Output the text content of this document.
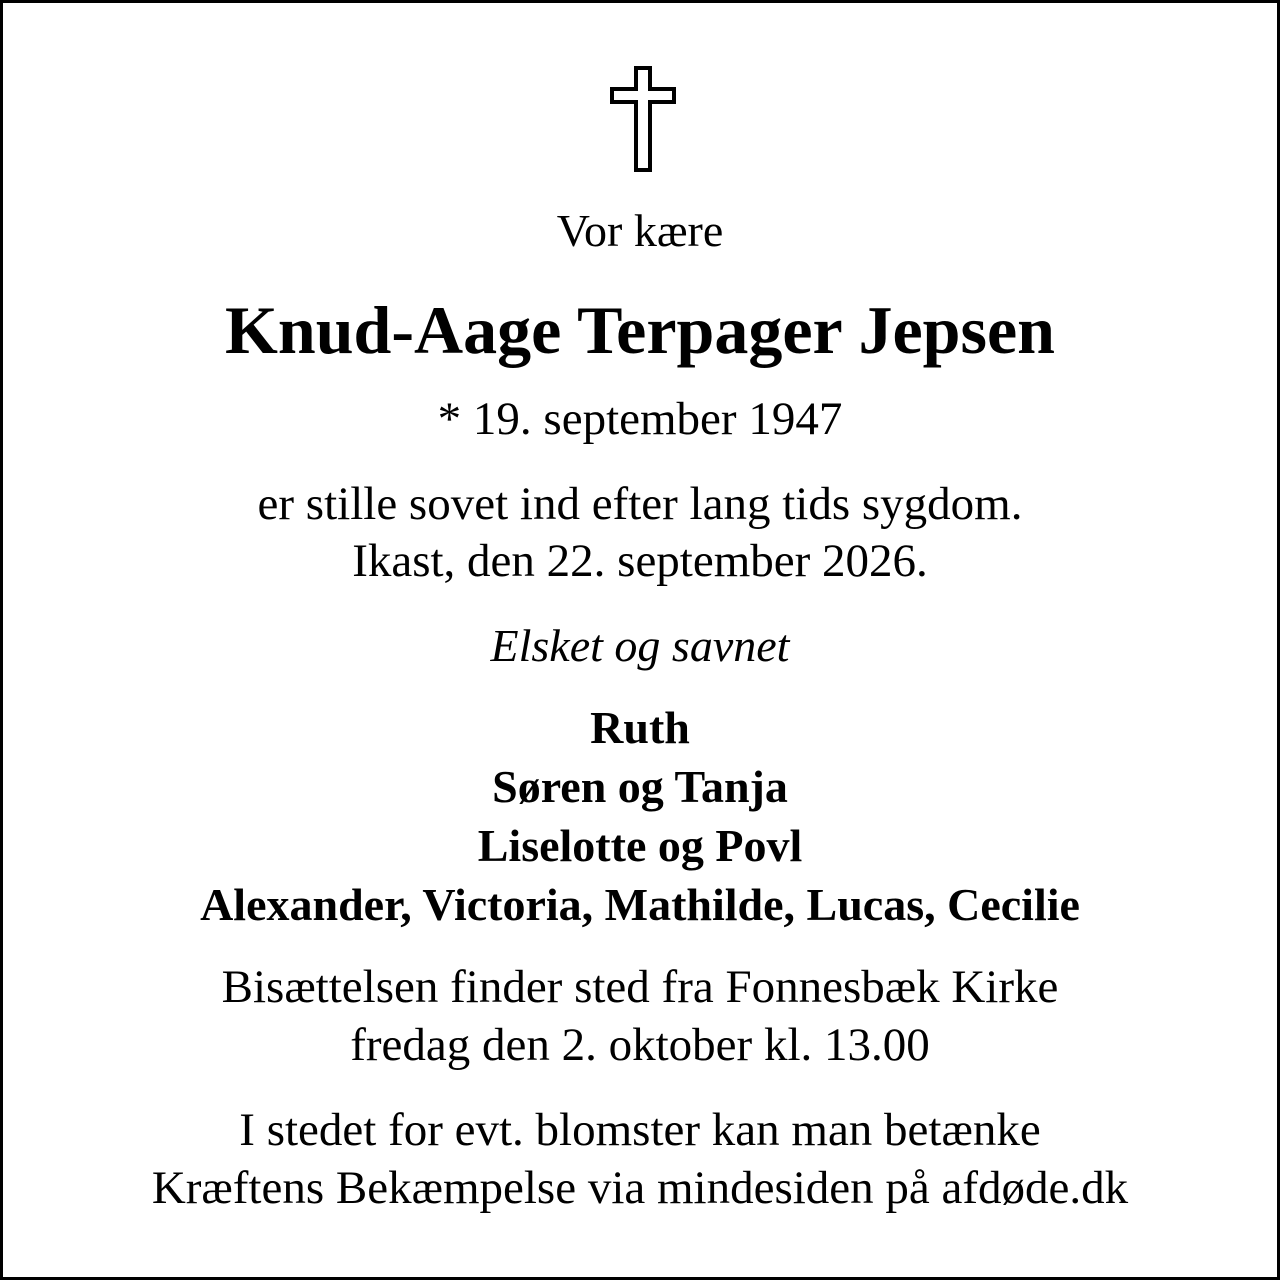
Vor kære
Knud-Aage Terpager Jepsen
* 19. september 1947
er stille sovet ind efter lang tids sygdom.
Ikast, den 22. september 2026.
Elsket og savnet
Ruth
Søren og Tanja
Liselotte og Povl
Alexander, Victoria, Mathilde, Lucas, Cecilie
Bisættelsen finder sted fra Fonnesbæk Kirke
fredag den 2. oktober kl. 13.00
I stedet for evt. blomster kan man betænke
Kræftens Bekæmpelse via mindesiden på afdøde.dk
